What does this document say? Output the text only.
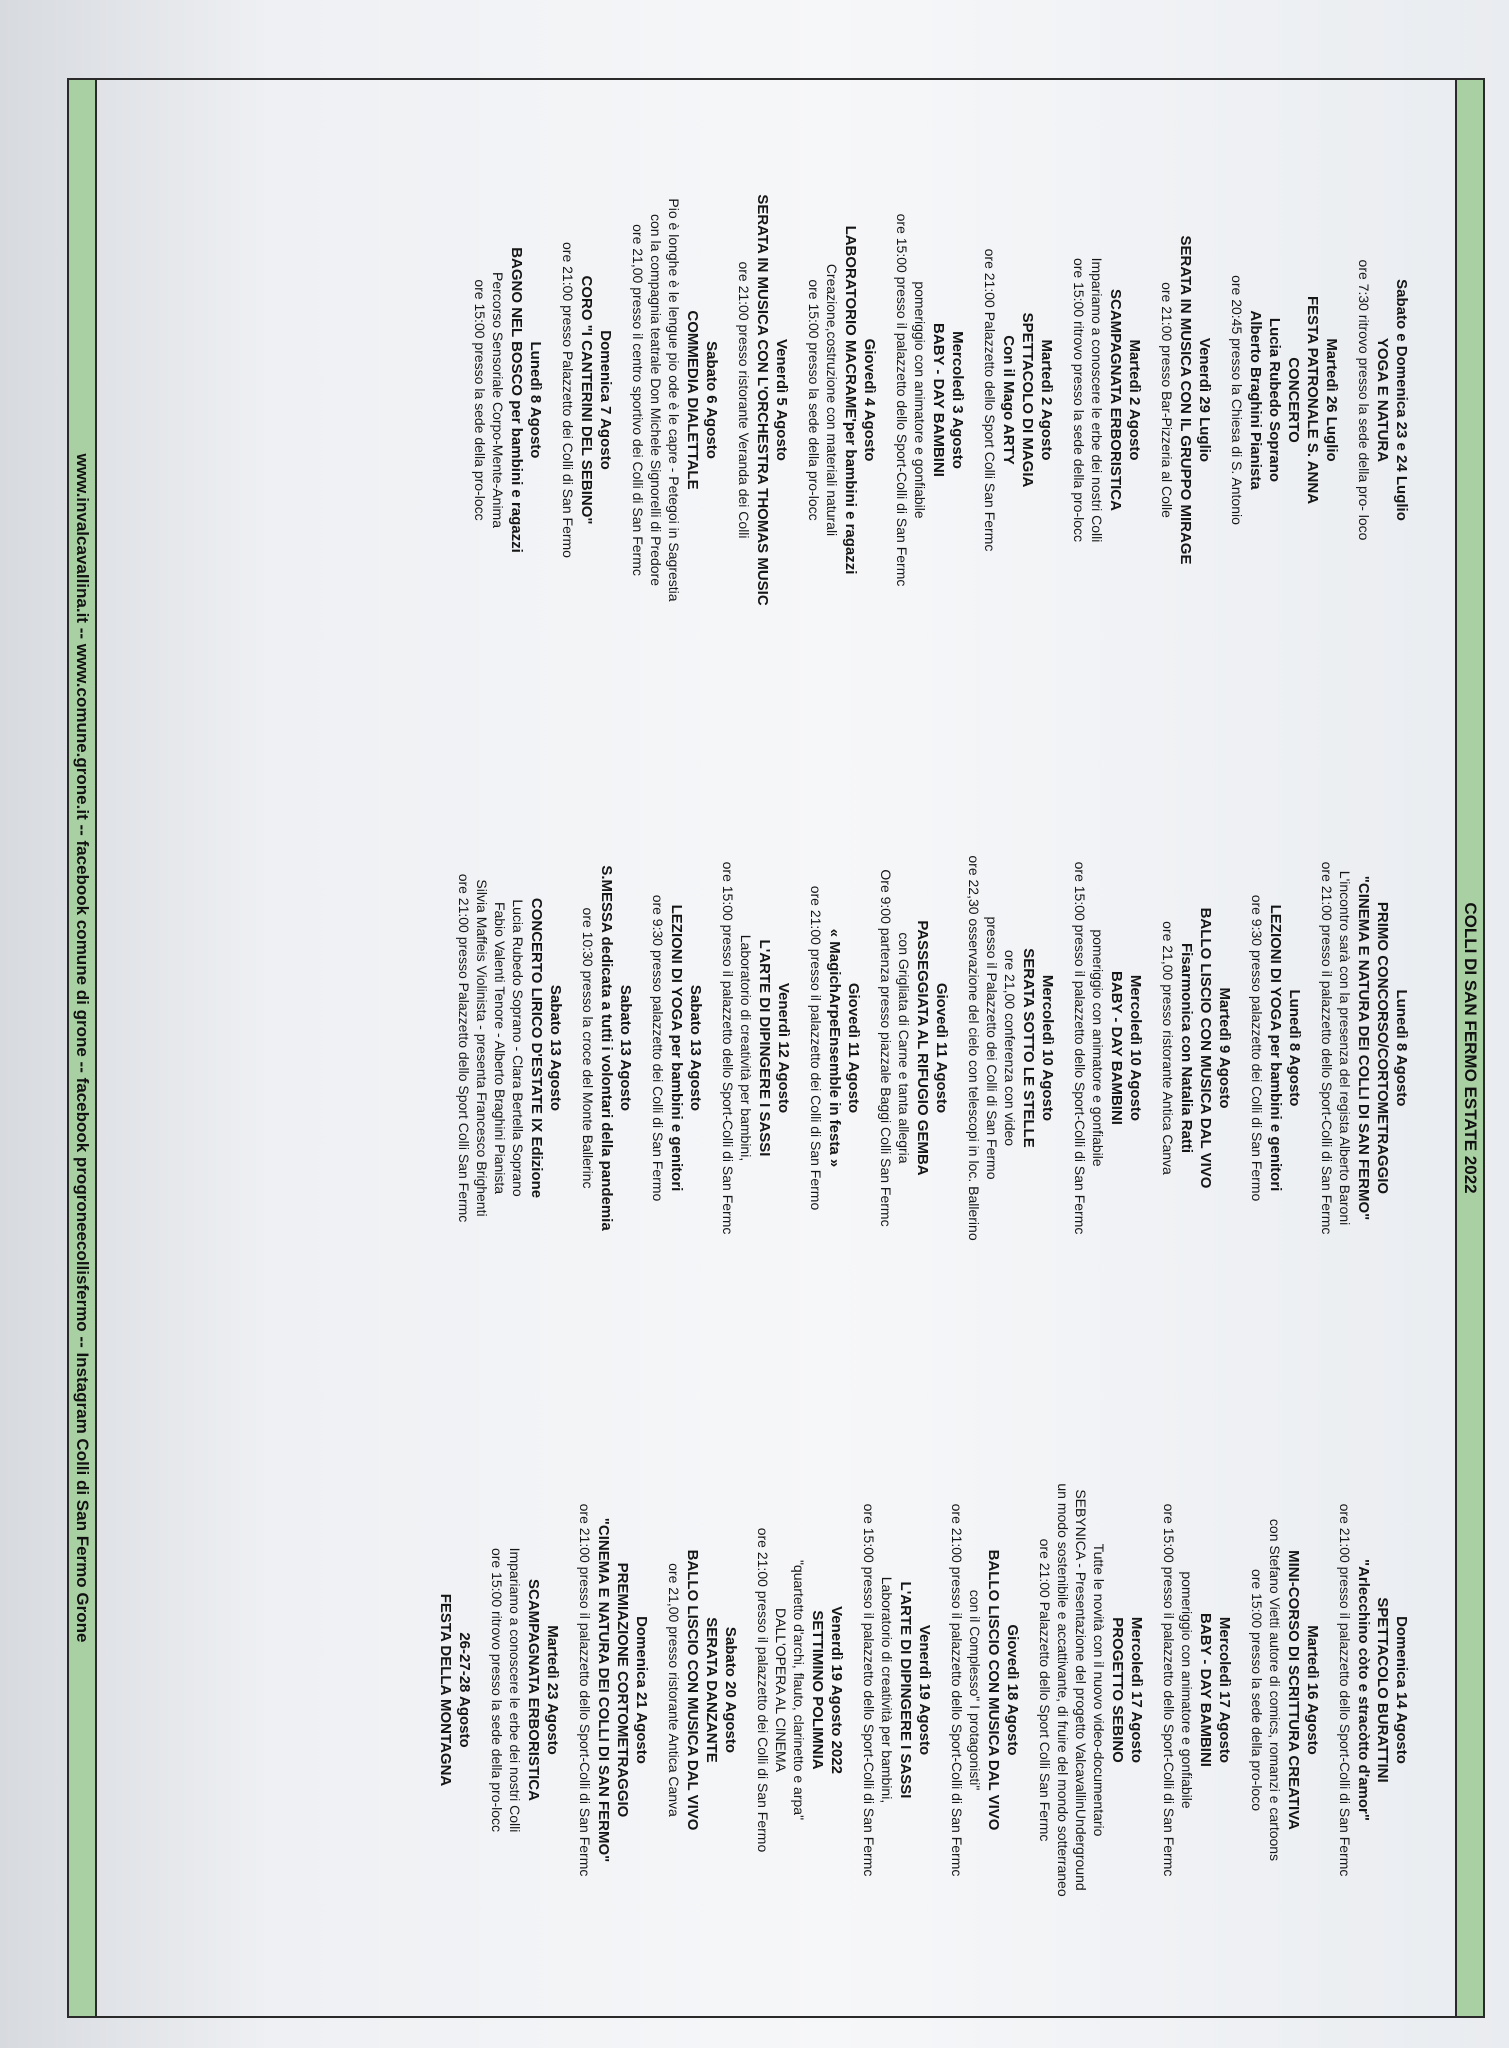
COLLI DI SAN FERMO ESTATE 2022
Sabato e Domenica 23 e 24 Luglio
YOGA E NATURA
ore 7:30 ritrovo presso la sede della pro- loco
Martedì 26 Luglio
FESTA PATRONALE S. ANNA
CONCERTO
Lucia Rubedo Soprano
Alberto Braghini Pianista
ore 20:45 presso la Chiesa di S. Antonio
Venerdì 29 Luglio
SERATA IN MUSICA CON IL GRUPPO MIRAGE
ore 21:00 presso Bar-Pizzeria al Colle
Martedì 2 Agosto
SCAMPAGNATA ERBORISTICA
Impariamo a conoscere le erbe dei nostri Colli
ore 15:00 ritrovo presso la sede della pro-locc
Martedì 2 Agosto
SPETTACOLO DI MAGIA
Con il Mago ARTY
ore 21:00 Palazzetto dello Sport Colli San Fermc
Mercoledì 3 Agosto
BABY - DAY BAMBINI
pomeriggio con animatore e gonfiabile
ore 15:00 presso il palazzetto dello Sport-Colli di San Fermc
Giovedì 4 Agosto
LABORATORIO MACRAME'per bambini e ragazzi
Creazione,costruzione con materiali naturali
ore 15:00 presso la sede della pro-locc
Venerdì 5 Agosto
SERATA IN MUSICA CON L'ORCHESTRA THOMAS MUSIC
ore 21:00 presso ristorante Veranda dei Colli
Sabato 6 Agosto
COMMEDIA DIALETTALE
Pio è longhe è le lengue pio ode è le capre - Petegoi in Sagrestia
con la compagnia teatrale Don Michele Signorelli di Predore
ore 21,00 presso il centro sportivo dei Colli di San Fermc
Domenica 7 Agosto
CORO "I CANTERINI DEL SEBINO"
ore 21:00 presso Palazzetto dei Colli di San Fermo
Lunedì 8 Agosto
BAGNO NEL BOSCO per bambini e ragazzi
Percorso Sensoriale Corpo-Mente-Anima
ore 15:00 presso la sede della pro-locc
Lunedì 8 Agosto
PRIMO CONCORSO/CORTOMETRAGGIO
"CINEMA E NATURA DEI COLLI DI SAN FERMO"
L'incontro sarà con la presenza del regista Alberto Baroni
ore 21:00 presso il palazzetto dello Sport-Colli di San Fermc
Lunedì 8 Agosto
LEZIONI DI YOGA per bambini e genitori
ore 9:30 presso palazzetto dei Colli di San Fermo
Martedì 9 Agosto
BALLO LISCIO CON MUSICA DAL VIVO
Fisarmonica con Natalia Ratti
ore 21,00 presso ristorante Antica Canva
Mercoledì 10 Agosto
BABY - DAY BAMBINI
pomeriggio con animatore e gonfiabile
ore 15:00 presso il palazzetto dello Sport-Colli di San Fermc
Mercoledì 10 Agosto
SERATA SOTTO LE STELLE
ore 21,00 conferenza con video
presso il Palazzetto dei Colli di San Fermo
ore 22,30 osservazione del cielo con telescopi in loc. Ballerino
Giovedì 11 Agosto
PASSEGGIATA AL RIFUGIO GEMBA
con Grigliata di Carne e tanta allegria
Ore 9:00 partenza presso piazzale Baggi Colli San Fermc
Giovedì 11 Agosto
« MagichArpeEnsemble in festa »
ore 21:00 presso il palazzetto dei Colli di San Fermo
Venerdì 12 Agosto
L'ARTE DI DIPINGERE I SASSI
Laboratorio di creatività per bambini,
ore 15:00 presso il palazzetto dello Sport-Colli di San Fermc
Sabato 13 Agosto
LEZIONI DI YOGA per bambini e genitori
ore 9:30 presso palazzetto dei Colli di San Fermo
Sabato 13 Agosto
S.MESSA dedicata a tutti i volontari della pandemia
ore 10:30 presso la croce del Monte Ballerinc
Sabato 13 Agosto
CONCERTO LIRICO D'ESTATE IX Edizione
Lucia Rubedo Soprano - Clara Bertella Soprano
Fabio Valenti Tenore - Alberto Braghini Pianista
Silvia Maffeis Violinista - presenta Francesco Brighenti
ore 21:00 presso Palazzetto dello Sport Colli San Fermc
Domenica 14 Agosto
SPETTACOLO BURATTINI
"Arlecchino còto e stracòtto d'amor"
ore 21:00 presso il palazzetto dello Sport-Colli di San Fermc
Martedì 16 Agosto
MINI-CORSO DI SCRITTURA CREATIVA
con Stefano Vietti autore di comics, romanzi e cartoons
ore 15:00 presso la sede della pro-loco
Mercoledì 17 Agosto
BABY - DAY BAMBINI
pomeriggio con animatore e gonfiabile
ore 15:00 presso il palazzetto dello Sport-Colli di San Fermc
Mercoledì 17 Agosto
PROGETTO SEBINO
Tutte le novità con il nuovo video-documentario
SEBYNICA - Presentazione del progetto ValcavallinUnderground
un modo sostenibile e accattivante, di fruire del mondo sotterraneo
ore 21:00 Palazzetto dello Sport Colli San Fermc
Giovedì 18 Agosto
BALLO LISCIO CON MUSICA DAL VIVO
con il Complesso" I protagonisti"
ore 21:00 presso il palazzetto dello Sport-Colli di San Fermc
Venerdì 19 Agosto
L'ARTE DI DIPINGERE I SASSI
Laboratorio di creatività per bambini,
ore 15:00 presso il palazzetto dello Sport-Colli di San Fermc
Venerdì 19 Agosto 2022
SETTIMINO POLIMNIA
"quartetto d'archi, flauto, clarinetto e arpa"
DALL'OPERA AL CINEMA
ore 21:00 presso il palazzetto dei Colli di San Fermo
Sabato 20 Agosto
SERATA DANZANTE
BALLO LISCIO CON MUSICA DAL VIVO
ore 21,00 presso ristorante Antica Canva
Domenica 21 Agosto
PREMIAZIONE CORTOMETRAGGIO
"CINEMA E NATURA DEI COLLI DI SAN FERMO"
ore 21:00 presso il palazzetto dello Sport-Colli di San Fermc
Martedì 23 Agosto
SCAMPAGNATA ERBORISTICA
Impariamo a conoscere le erbe dei nostri Colli
ore 15:00 ritrovo presso la sede della pro-locc
26-27-28 Agosto
FESTA DELLA MONTAGNA
www.invalcavallina.it -- www.comune.grone.it -- facebook comune di grone -- facebook progroneecollisfermo -- Instagram Colli di San Fermo Grone
